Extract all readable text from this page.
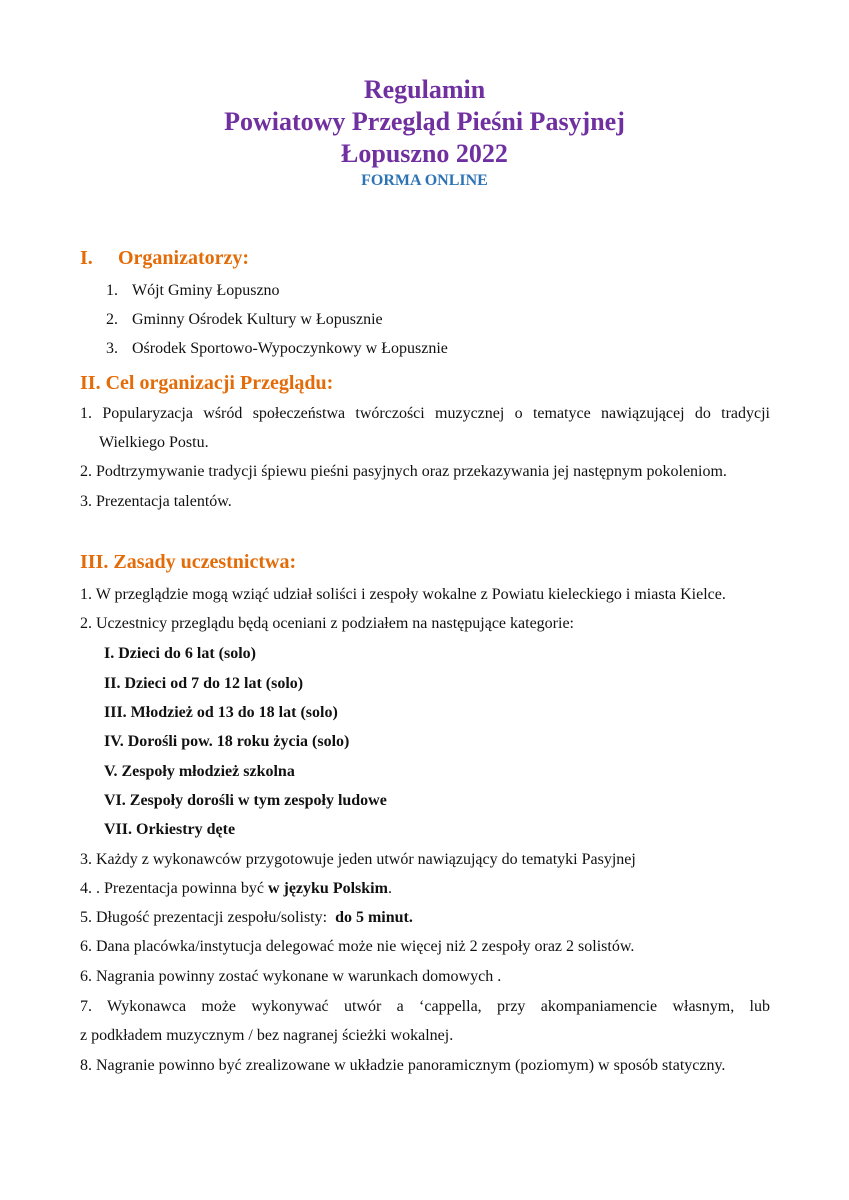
Regulamin
Powiatowy Przegląd Pieśni Pasyjnej
Łopuszno 2022
FORMA ONLINE
I. Organizatorzy:
1. Wójt Gminy Łopuszno
2. Gminny Ośrodek Kultury w Łopusznie
3. Ośrodek Sportowo-Wypoczynkowy w Łopusznie
II. Cel organizacji Przeglądu:
1. Popularyzacja wśród społeczeństwa twórczości muzycznej o tematyce nawiązującej do tradycji
Wielkiego Postu.
2. Podtrzymywanie tradycji śpiewu pieśni pasyjnych oraz przekazywania jej następnym pokoleniom.
3. Prezentacja talentów.
III. Zasady uczestnictwa:
1. W przeglądzie mogą wziąć udział soliści i zespoły wokalne z Powiatu kieleckiego i miasta Kielce.
2. Uczestnicy przeglądu będą oceniani z podziałem na następujące kategorie:
I. Dzieci do 6 lat (solo)
II. Dzieci od 7 do 12 lat (solo)
III. Młodzież od 13 do 18 lat (solo)
IV. Dorośli pow. 18 roku życia (solo)
V. Zespoły młodzież szkolna
VI. Zespoły dorośli w tym zespoły ludowe
VII. Orkiestry dęte
3. Każdy z wykonawców przygotowuje jeden utwór nawiązujący do tematyki Pasyjnej
4. . Prezentacja powinna być w języku Polskim.
5. Długość prezentacji zespołu/solisty:  do 5 minut.
6. Dana placówka/instytucja delegować może nie więcej niż 2 zespoły oraz 2 solistów.
6. Nagrania powinny zostać wykonane w warunkach domowych .
7. Wykonawca może wykonywać utwór a ‘cappella, przy akompaniamencie własnym, lub
z podkładem muzycznym / bez nagranej ścieżki wokalnej.
8. Nagranie powinno być zrealizowane w układzie panoramicznym (poziomym) w sposób statyczny.
